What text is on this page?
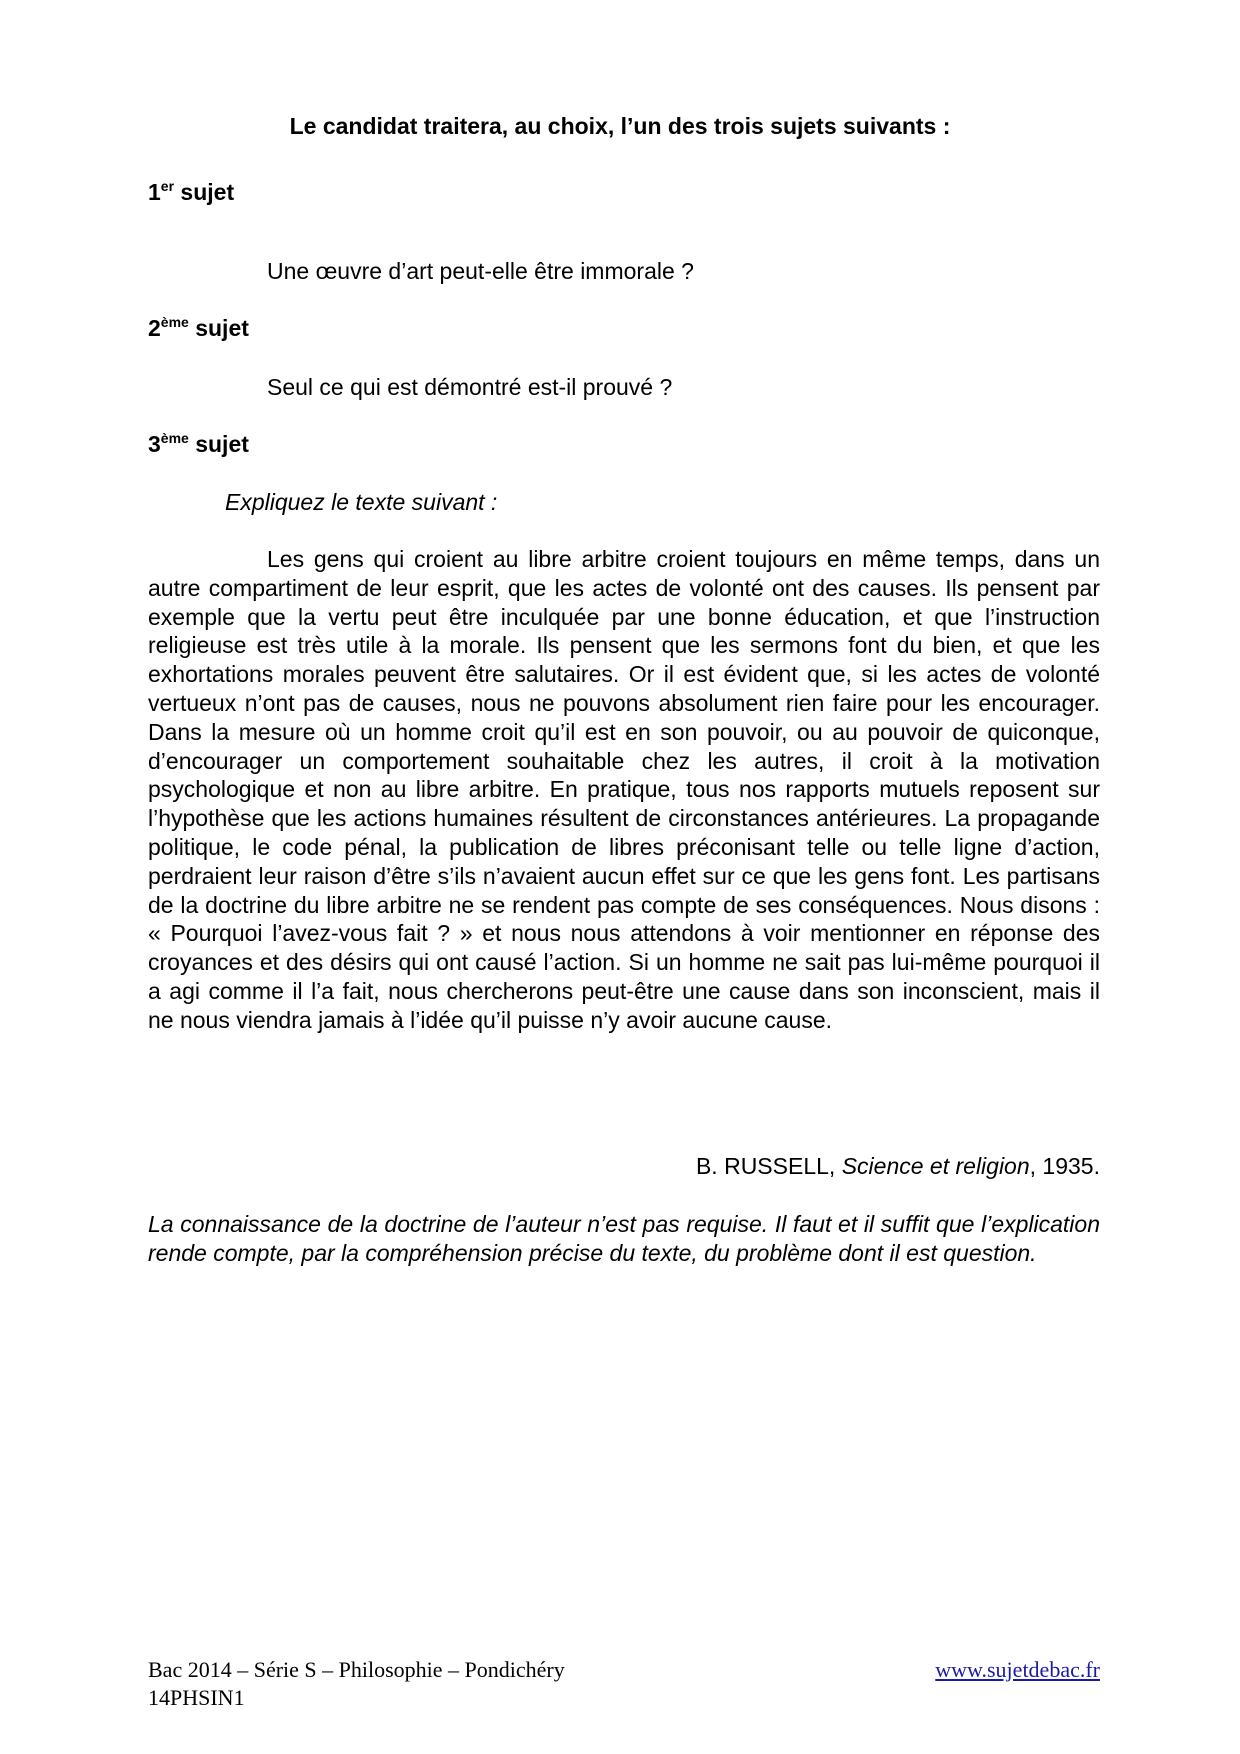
Le candidat traitera, au choix, l’un des trois sujets suivants :
1er sujet
Une œuvre d’art peut-elle être immorale ?
2ème sujet
Seul ce qui est démontré est-il prouvé ?
3ème sujet
Expliquez le texte suivant :

Les gens qui croient au libre arbitre croient toujours en même temps, dans un autre compartiment de leur esprit, que les actes de volonté ont des causes. Ils pensent par exemple que la vertu peut être inculquée par une bonne éducation, et que l’instruction religieuse est très utile à la morale. Ils pensent que les sermons font du bien, et que les exhortations morales peuvent être salutaires. Or il est évident que, si les actes de volonté vertueux n’ont pas de causes, nous ne pouvons absolument rien faire pour les encourager. Dans la mesure où un homme croit qu’il est en son pouvoir, ou au pouvoir de quiconque, d’encourager un comportement souhaitable chez les autres, il croit à la motivation psychologique et non au libre arbitre. En pratique, tous nos rapports mutuels reposent sur l’hypothèse que les actions humaines résultent de circonstances antérieures. La propagande politique, le code pénal, la publication de libres préconisant telle ou telle ligne d’action, perdraient leur raison d’être s’ils n’avaient aucun effet sur ce que les gens font. Les partisans de la doctrine du libre arbitre ne se rendent pas compte de ses conséquences. Nous disons : « Pourquoi l’avez-vous fait ? » et nous nous attendons à voir mentionner en réponse des croyances et des désirs qui ont causé l’action. Si un homme ne sait pas lui-même pourquoi il a agi comme il l’a fait, nous chercherons peut-être une cause dans son inconscient, mais il ne nous viendra jamais à l’idée qu’il puisse n’y avoir aucune cause.

B. RUSSELL, Science et religion, 1935.

La connaissance de la doctrine de l’auteur n’est pas requise. Il faut et il suffit que l’explication rende compte, par la compréhension précise du texte, du problème dont il est question.

Bac 2014 – Série S – Philosophie – Pondichéry
14PHSIN1
www.sujetdebac.fr
